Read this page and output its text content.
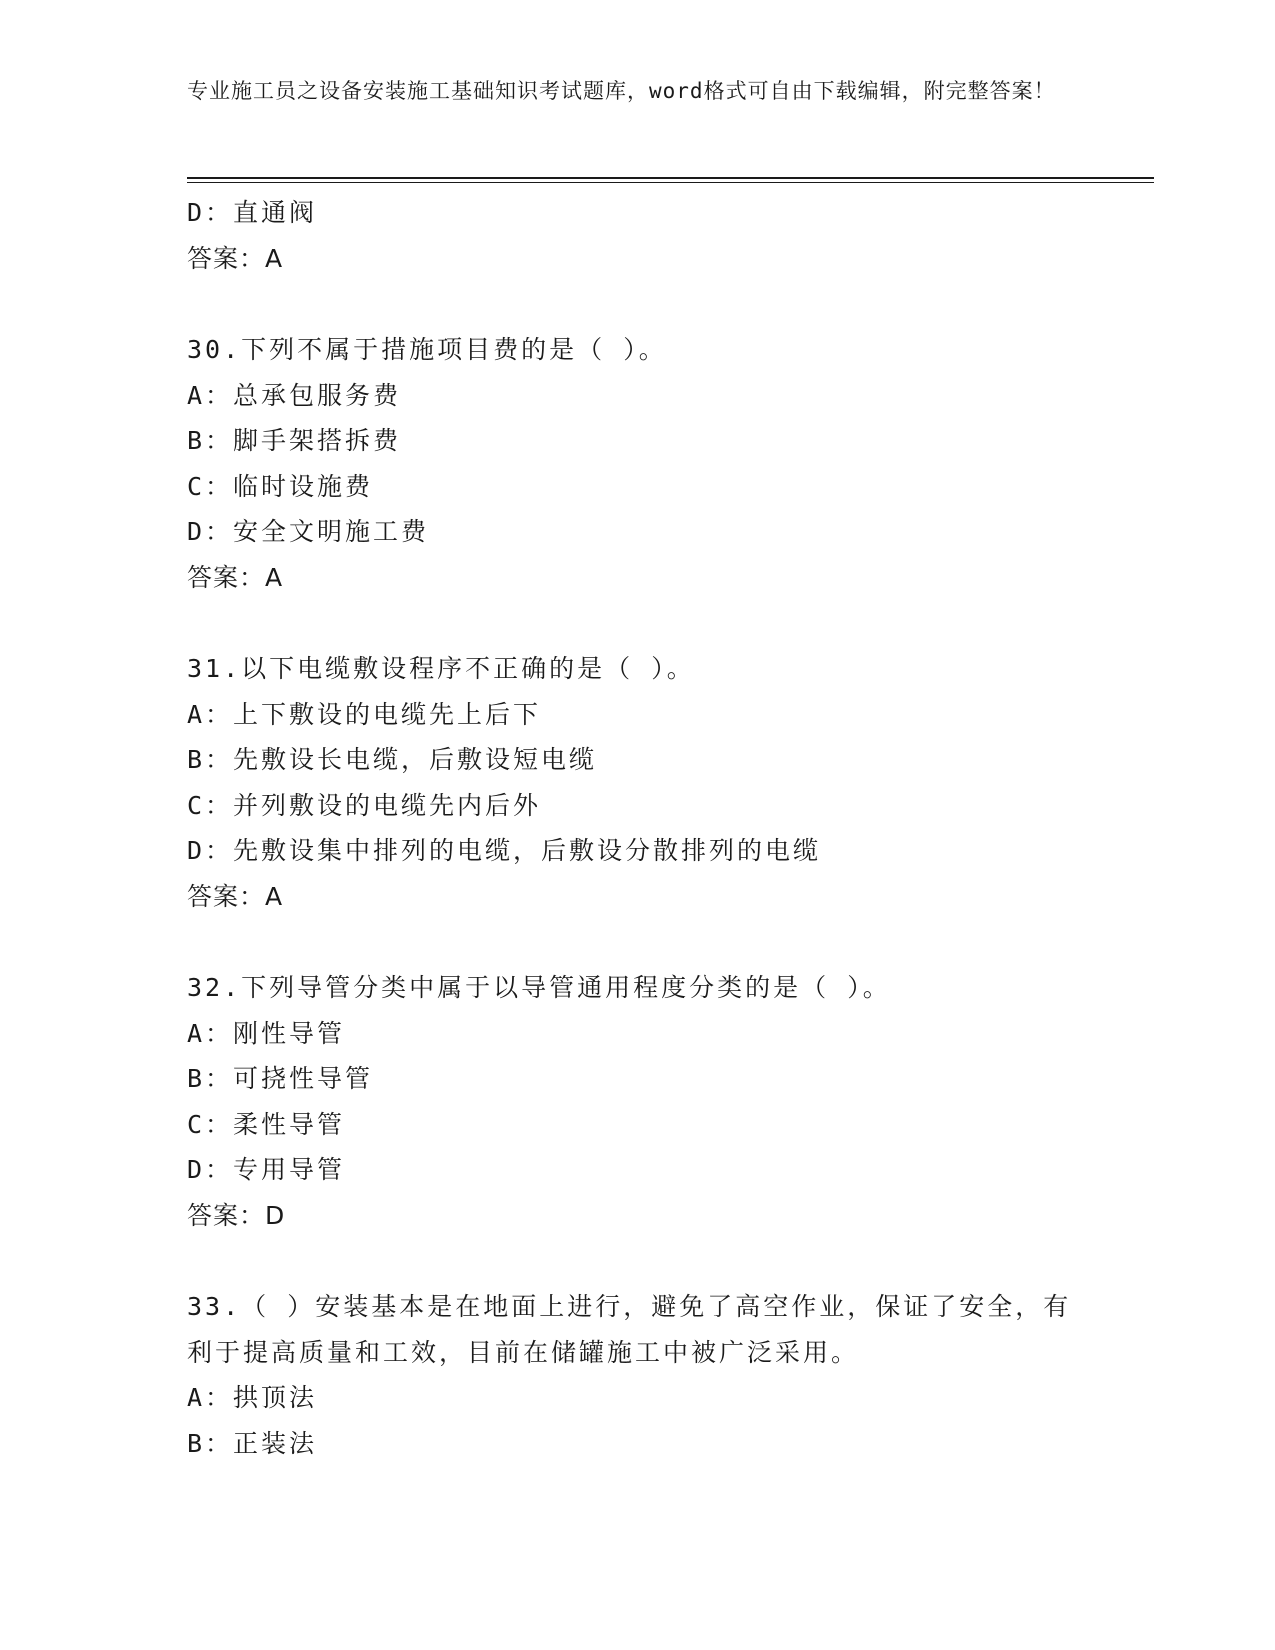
专业施工员之设备安装施工基础知识考试题库，word格式可自由下载编辑，附完整答案！
D：直通阀
答案：A
30.下列不属于措施项目费的是（ ）。
A：总承包服务费
B：脚手架搭拆费
C：临时设施费
D：安全文明施工费
答案：A
31.以下电缆敷设程序不正确的是（ ）。
A：上下敷设的电缆先上后下
B：先敷设长电缆，后敷设短电缆
C：并列敷设的电缆先内后外
D：先敷设集中排列的电缆，后敷设分散排列的电缆
答案：A
32.下列导管分类中属于以导管通用程度分类的是（ ）。
A：刚性导管
B：可挠性导管
C：柔性导管
D：专用导管
答案：D
33.（ ）安装基本是在地面上进行，避免了高空作业，保证了安全，有利于提高质量和工效，目前在储罐施工中被广泛采用。
A：拱顶法
B：正装法
